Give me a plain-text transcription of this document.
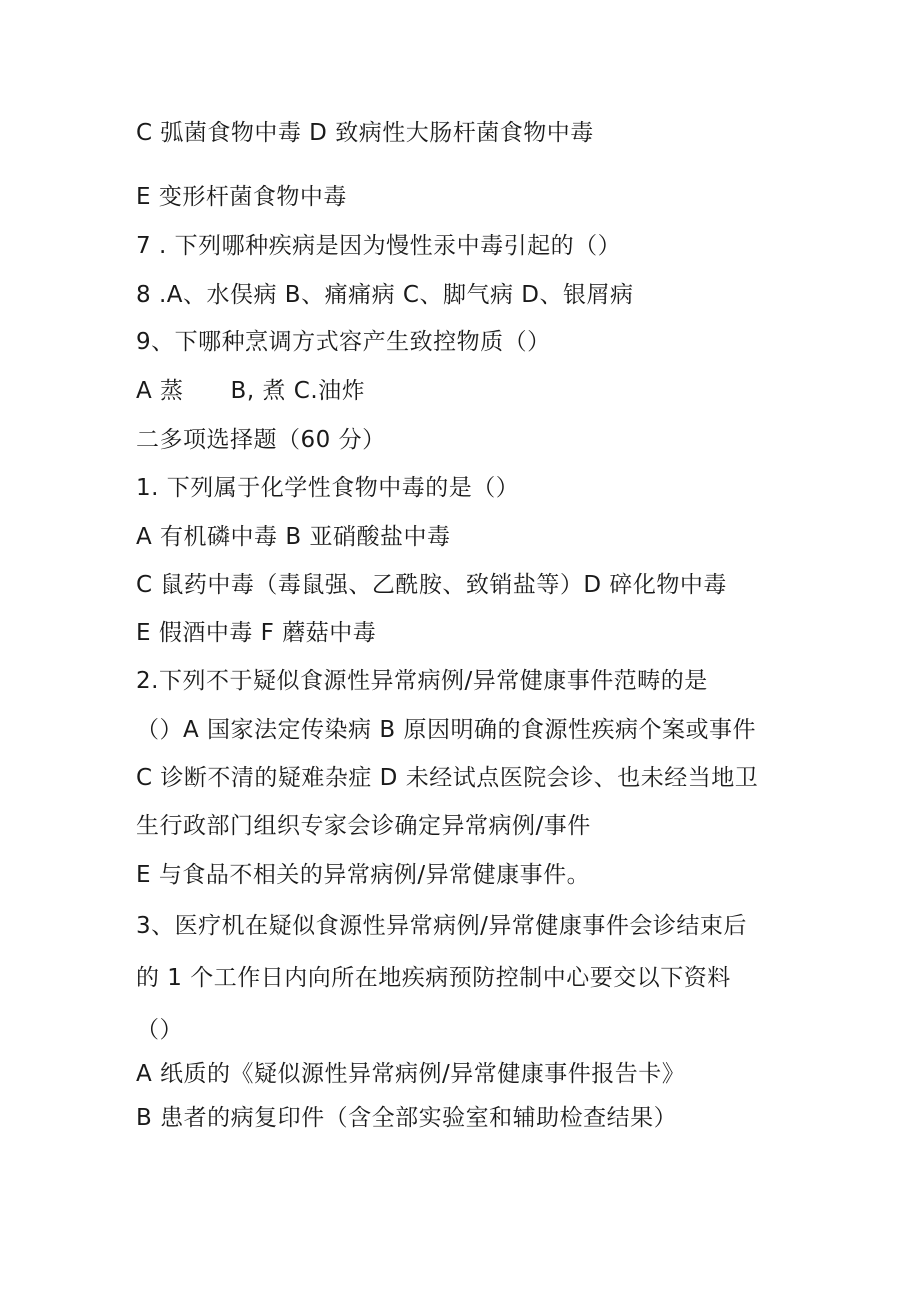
C 弧菌食物中毒 D 致病性大肠杆菌食物中毒
E 变形杆菌食物中毒
7 . 下列哪种疾病是因为慢性汞中毒引起的（）
8 .A、水俣病 B、痛痛病 C、脚气病 D、银屑病
9、下哪种烹调方式容产生致控物质（）
A 蒸　　B, 煮 C.油炸
二多项选择题（60 分）
1. 下列属于化学性食物中毒的是（）
A 有机磷中毒 B 亚硝酸盐中毒
C 鼠药中毒（毒鼠强、乙酰胺、致销盐等）D 碎化物中毒
E 假酒中毒 F 蘑菇中毒
2.下列不于疑似食源性异常病例/异常健康事件范畴的是
（）A 国家法定传染病 B 原因明确的食源性疾病个案或事件
C 诊断不清的疑难杂症 D 未经试点医院会诊、也未经当地卫
生行政部门组织专家会诊确定异常病例/事件
E 与食品不相关的异常病例/异常健康事件。
3、医疗机在疑似食源性异常病例/异常健康事件会诊结束后
的 1 个工作日内向所在地疾病预防控制中心要交以下资料
（）
A 纸质的《疑似源性异常病例/异常健康事件报告卡》
B 患者的病复印件（含全部实验室和辅助检查结果）
